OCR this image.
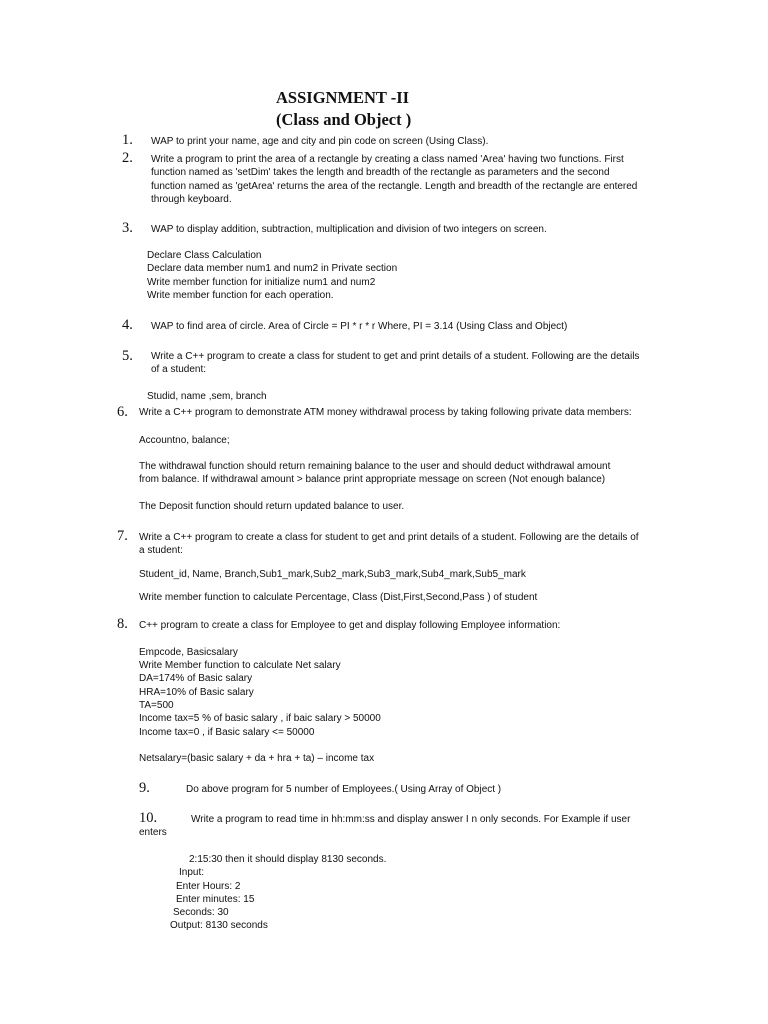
ASSIGNMENT -II
(Class and Object )
1. WAP to print your name, age and city and pin code on screen (Using Class).
2. Write a program to print the area of a rectangle by creating a class named 'Area' having two functions. First
function named as 'setDim' takes the length and breadth of the rectangle as parameters and the second
function named as 'getArea' returns the area of the rectangle. Length and breadth of the rectangle are entered
through keyboard.
3. WAP to display addition, subtraction, multiplication and division of two integers on screen.
Declare Class Calculation
Declare data member num1 and num2 in Private section
Write member function for initialize num1 and num2
Write member function for each operation.
4. WAP to find area of circle. Area of Circle = PI * r * r Where, PI = 3.14 (Using Class and Object)
5. Write a C++ program to create a class for student to get and print details of a student. Following are the details
of a student:
Studid, name ,sem, branch
6. Write a C++ program to demonstrate ATM money withdrawal process by taking following private data members:
Accountno, balance;
The withdrawal function should return remaining balance to the user and should deduct withdrawal amount
from balance. If withdrawal amount > balance print appropriate message on screen (Not enough balance)
The Deposit function should return updated balance to user.
7. Write a C++ program to create a class for student to get and print details of a student. Following are the details of
a student:
Student_id, Name, Branch,Sub1_mark,Sub2_mark,Sub3_mark,Sub4_mark,Sub5_mark
Write member function to calculate Percentage, Class (Dist,First,Second,Pass ) of student
8. C++ program to create a class for Employee to get and display following Employee information:
Empcode, Basicsalary
Write Member function to calculate Net salary
DA=174% of Basic salary
HRA=10% of Basic salary
TA=500
Income tax=5 % of basic salary , if baic salary > 50000
Income tax=0 , if Basic salary <= 50000
Netsalary=(basic salary + da + hra + ta) – income tax
9.	Do above program for 5 number of Employees.( Using Array of Object )
10.	Write a program to read time in hh:mm:ss and display answer I n only seconds. For Example if user
enters
2:15:30 then it should display 8130 seconds.
Input:
Enter Hours: 2
Enter minutes: 15
Seconds: 30
Output: 8130 seconds
